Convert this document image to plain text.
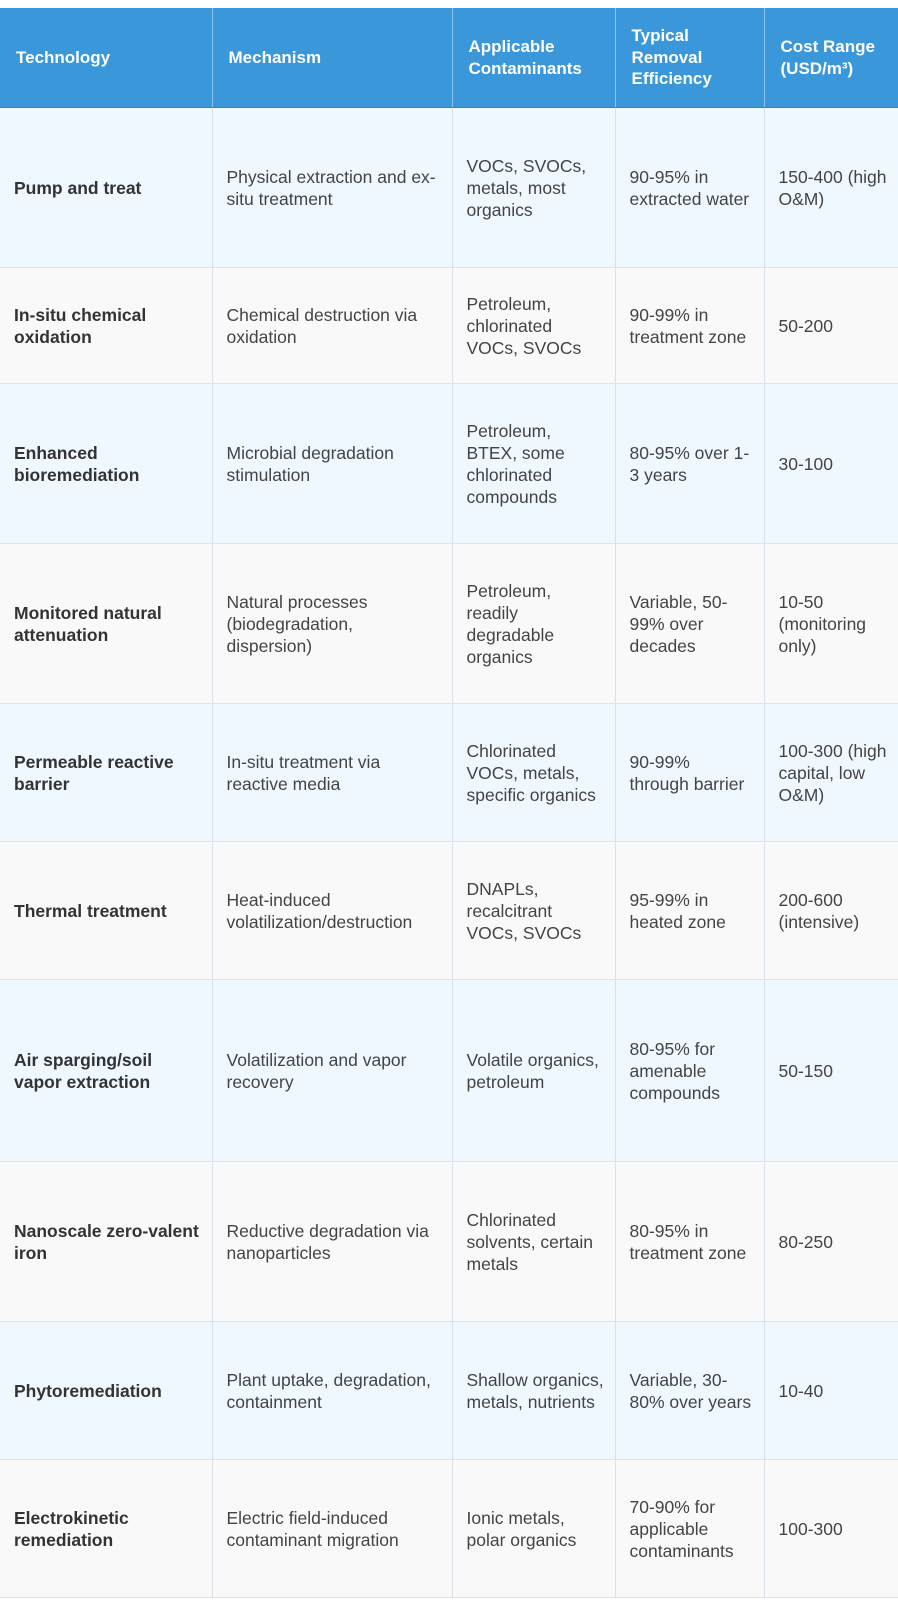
Technology	Mechanism	Applicable Contaminants	Typical Removal Efficiency	Cost Range (USD/m³)
Pump and treat	Physical extraction and ex-situ treatment	VOCs, SVOCs, metals, most organics	90-95% in extracted water	150-400 (high O&M)
In-situ chemical oxidation	Chemical destruction via oxidation	Petroleum, chlorinated VOCs, SVOCs	90-99% in treatment zone	50-200
Enhanced bioremediation	Microbial degradation stimulation	Petroleum, BTEX, some chlorinated compounds	80-95% over 1-3 years	30-100
Monitored natural attenuation	Natural processes (biodegradation, dispersion)	Petroleum, readily degradable organics	Variable, 50-99% over decades	10-50 (monitoring only)
Permeable reactive barrier	In-situ treatment via reactive media	Chlorinated VOCs, metals, specific organics	90-99% through barrier	100-300 (high capital, low O&M)
Thermal treatment	Heat-induced volatilization/destruction	DNAPLs, recalcitrant VOCs, SVOCs	95-99% in heated zone	200-600 (intensive)
Air sparging/soil vapor extraction	Volatilization and vapor recovery	Volatile organics, petroleum	80-95% for amenable compounds	50-150
Nanoscale zero-valent iron	Reductive degradation via nanoparticles	Chlorinated solvents, certain metals	80-95% in treatment zone	80-250
Phytoremediation	Plant uptake, degradation, containment	Shallow organics, metals, nutrients	Variable, 30-80% over years	10-40
Electrokinetic remediation	Electric field-induced contaminant migration	Ionic metals, polar organics	70-90% for applicable contaminants	100-300
